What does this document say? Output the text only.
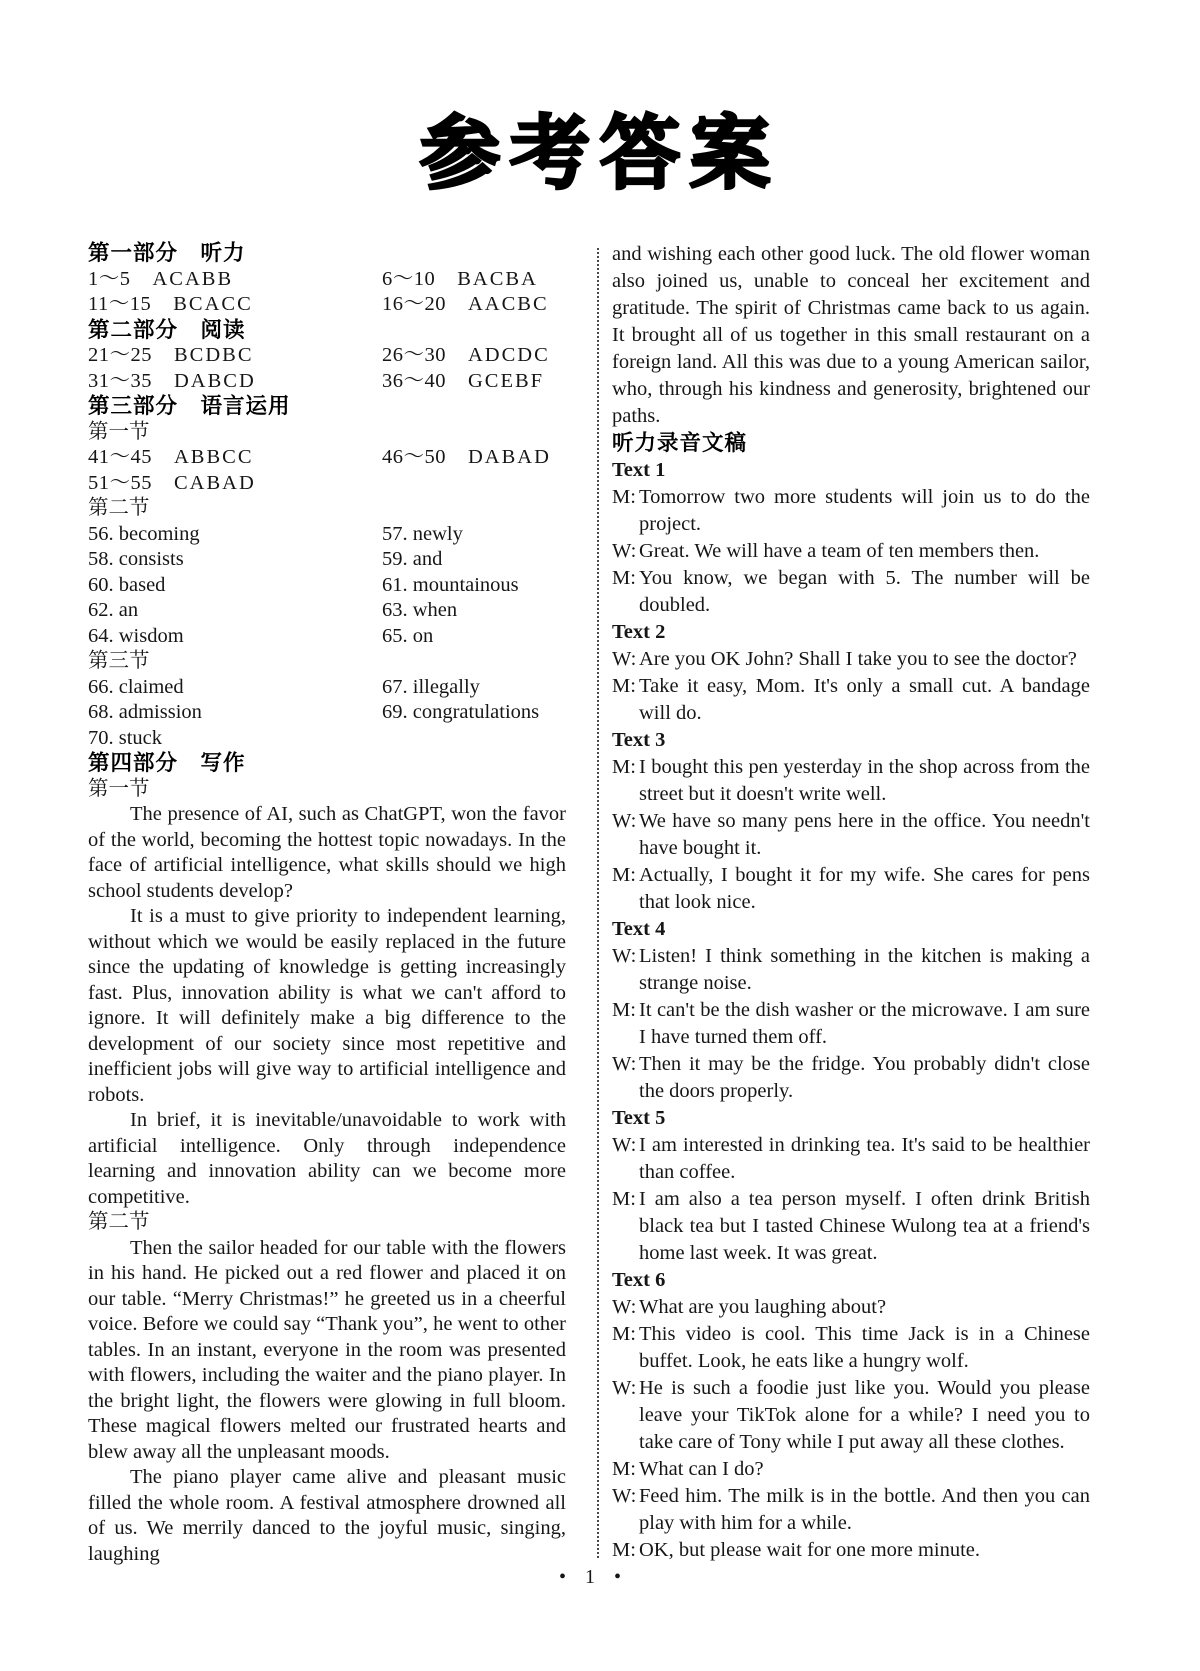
参考答案
第一部分　听力
1～5 ACABB	6～10 BACBA
11～15 BCACC	16～20 AACBC
第二部分　阅读
21～25 BCDBC	26～30 ADCDC
31～35 DABCD	36～40 GCEBF
第三部分　语言运用
第一节
41～45 ABBCC	46～50 DABAD
51～55 CABAD
第二节
56. becoming	57. newly
58. consists	59. and
60. based	61. mountainous
62. an	63. when
64. wisdom	65. on
第三节
66. claimed	67. illegally
68. admission	69. congratulations
70. stuck
第四部分　写作
第一节
The presence of AI, such as ChatGPT, won the favor of the world, becoming the hottest topic nowadays. In the face of artificial intelligence, what skills should we high school students develop?
It is a must to give priority to independent learning, without which we would be easily replaced in the future since the updating of knowledge is getting increasingly fast. Plus, innovation ability is what we can't afford to ignore. It will definitely make a big difference to the development of our society since most repetitive and inefficient jobs will give way to artificial intelligence and robots.
In brief, it is inevitable/unavoidable to work with artificial intelligence. Only through independence learning and innovation ability can we become more competitive.
第二节
Then the sailor headed for our table with the flowers in his hand. He picked out a red flower and placed it on our table. “Merry Christmas!” he greeted us in a cheerful voice. Before we could say “Thank you”, he went to other tables. In an instant, everyone in the room was presented with flowers, including the waiter and the piano player. In the bright light, the flowers were glowing in full bloom. These magical flowers melted our frustrated hearts and blew away all the unpleasant moods.
The piano player came alive and pleasant music filled the whole room. A festival atmosphere drowned all of us. We merrily danced to the joyful music, singing, laughing
and wishing each other good luck. The old flower woman also joined us, unable to conceal her excitement and gratitude. The spirit of Christmas came back to us again. It brought all of us together in this small restaurant on a foreign land. All this was due to a young American sailor, who, through his kindness and generosity, brightened our paths.
听力录音文稿
Text 1
M: Tomorrow two more students will join us to do the project.
W: Great. We will have a team of ten members then.
M: You know, we began with 5. The number will be doubled.
Text 2
W: Are you OK John? Shall I take you to see the doctor?
M: Take it easy, Mom. It's only a small cut. A bandage will do.
Text 3
M: I bought this pen yesterday in the shop across from the street but it doesn't write well.
W: We have so many pens here in the office. You needn't have bought it.
M: Actually, I bought it for my wife. She cares for pens that look nice.
Text 4
W: Listen! I think something in the kitchen is making a strange noise.
M: It can't be the dish washer or the microwave. I am sure I have turned them off.
W: Then it may be the fridge. You probably didn't close the doors properly.
Text 5
W: I am interested in drinking tea. It's said to be healthier than coffee.
M: I am also a tea person myself. I often drink British black tea but I tasted Chinese Wulong tea at a friend's home last week. It was great.
Text 6
W: What are you laughing about?
M: This video is cool. This time Jack is in a Chinese buffet. Look, he eats like a hungry wolf.
W: He is such a foodie just like you. Would you please leave your TikTok alone for a while? I need you to take care of Tony while I put away all these clothes.
M: What can I do?
W: Feed him. The milk is in the bottle. And then you can play with him for a while.
M: OK, but please wait for one more minute.
• 1 •
